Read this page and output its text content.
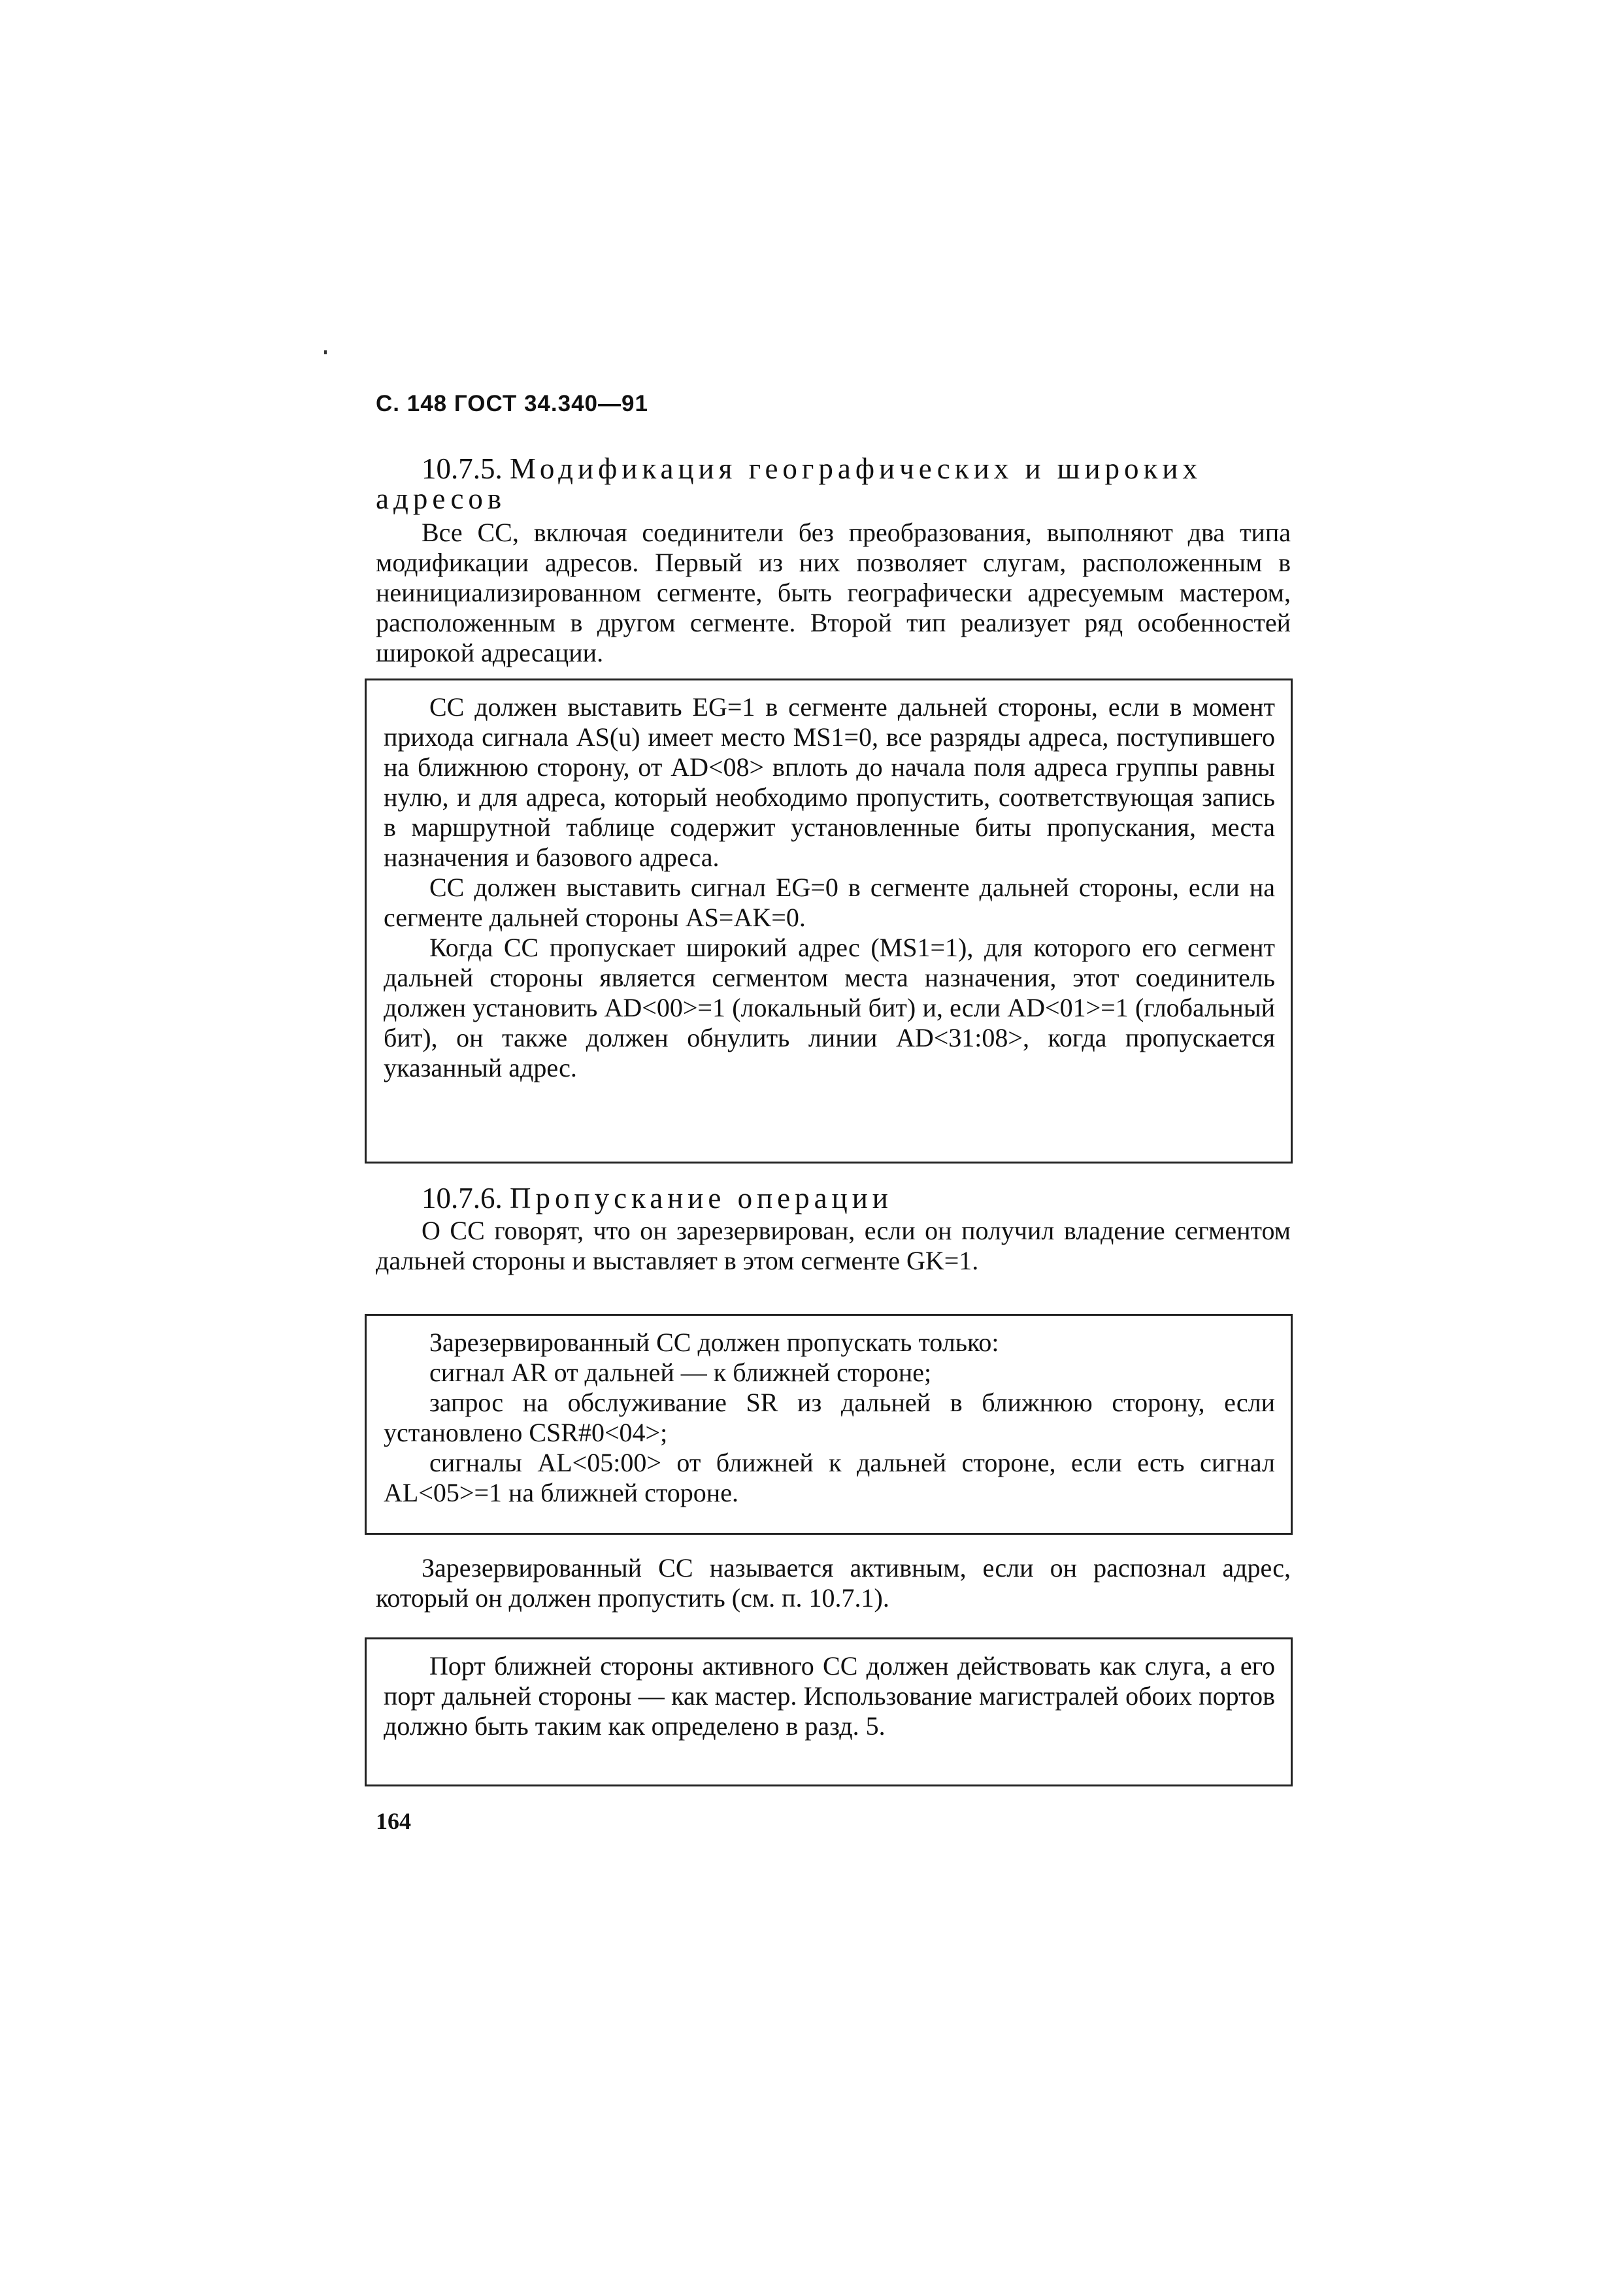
С. 148 ГОСТ 34.340—91

10.7.5. Модификация географических и широких адресов

Все СС, включая соединители без преобразования, выполняют два типа модификации адресов. Первый из них позволяет слугам, расположенным в неинициализированном сегменте, быть географически адресуемым мастером, расположенным в другом сегменте. Второй тип реализует ряд особенностей широкой адресации.

СС должен выставить EG=1 в сегменте дальней стороны, если в момент прихода сигнала AS(u) имеет место MS1=0, все разряды адреса, поступившего на ближнюю сторону, от AD<08> вплоть до начала поля адреса группы равны нулю, и для адреса, который необходимо пропустить, соответствующая запись в маршрутной таблице содержит установленные биты пропускания, места назначения и базового адреса.

СС должен выставить сигнал EG=0 в сегменте дальней стороны, если на сегменте дальней стороны AS=AK=0.

Когда СС пропускает широкий адрес (MS1=1), для которого его сегмент дальней стороны является сегментом места назначения, этот соединитель должен установить AD<00>=1 (локальный бит) и, если AD<01>=1 (глобальный бит), он также должен обнулить линии AD<31:08>, когда пропускается указанный адрес.

10.7.6. Пропускание операции

О СС говорят, что он зарезервирован, если он получил владение сегментом дальней стороны и выставляет в этом сегменте GK=1.

Зарезервированный СС должен пропускать только:

сигнал AR от дальней — к ближней стороне;

запрос на обслуживание SR из дальней в ближнюю сторону, если установлено CSR#0<04>;

сигналы AL<05:00> от ближней к дальней стороне, если есть сигнал AL<05>=1 на ближней стороне.

Зарезервированный СС называется активным, если он распознал адрес, который он должен пропустить (см. п. 10.7.1).

Порт ближней стороны активного СС должен действовать как слуга, а его порт дальней стороны — как мастер. Использование магистралей обоих портов должно быть таким как определено в разд. 5.

164
